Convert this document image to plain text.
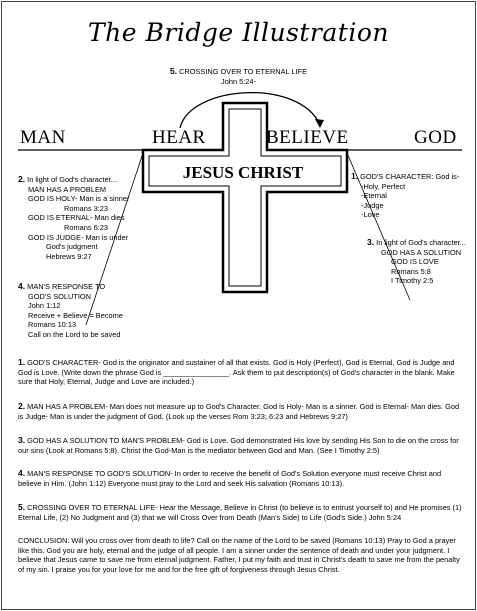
The Bridge Illustration
5. CROSSING OVER TO ETERNAL LIFE
John 5:24-
MAN	HEAR	BELIEVE	GOD
JESUS CHRIST
2. In light of God's character...
MAN HAS A PROBLEM
GOD IS HOLY- Man is a sinner
Romans 3:23
GOD IS ETERNAL- Man dies
Romans 6:23
GOD IS JUDGE- Man is under
God's judgment
Hebrews 9:27
4. MAN'S RESPONSE TO
GOD'S SOLUTION
John 1:12
Receive + Believe = Become
Romans 10:13
Call on the Lord to be saved
1. GOD'S CHARACTER: God is-
-Holy, Perfect
-Eternal
-Judge
-Love
3. In light of God's character...
GOD HAS A SOLUTION
GOD IS LOVE
Romans 5:8
I Timothy 2:5
1. GOD'S CHARACTER- God is the originator and sustainer of all that exists. God is Holy (Perfect), God is Eternal, God is Judge and God is Love. (Write down the phrase God is ________________. Ask them to put description(s) of God's character in the blank. Make sure that Holy, Eternal, Judge and Love are included.)
2. MAN HAS A PROBLEM- Man does not measure up to God's Character. God is Holy- Man is a sinner. God is Eternal- Man dies. God is Judge- Man is under the judgment of God. (Look up the verses Rom 3:23; 6:23 and Hebrews 9:27)
3. GOD HAS A SOLUTION TO MAN'S PROBLEM- God is Love. God demonstrated His love by sending His Son to die on the cross for our sins (Look at Romans 5:8). Christ the God-Man is the mediator between God and Man. (See I Timothy 2:5)
4. MAN'S RESPONSE TO GOD'S SOLUTION- In order to receive the benefit of God's Solution everyone must receive Christ and believe in Him. (John 1:12) Everyone must pray to the Lord and seek His salvation (Romans 10:13).
5. CROSSING OVER TO ETERNAL LIFE- Hear the Message, Believe in Christ (to believe is to entrust yourself to) and He promises (1) Eternal Life, (2) No Judgment and (3) that we will Cross Over from Death (Man's Side) to Life (God's Side.) John 5:24
CONCLUSION: Will you cross over from death to life? Call on the name of the Lord to be saved (Romans 10:13) Pray to God a prayer like this. God you are holy, eternal and the judge of all people. I am a sinner under the sentence of death and under your judgment. I believe that Jesus came to save me from eternal judgment. Father, I put my faith and trust in Christ's death to save me from the penalty of my sin. I praise you for your love for me and for the free gift of forgiveness through Jesus Christ.
